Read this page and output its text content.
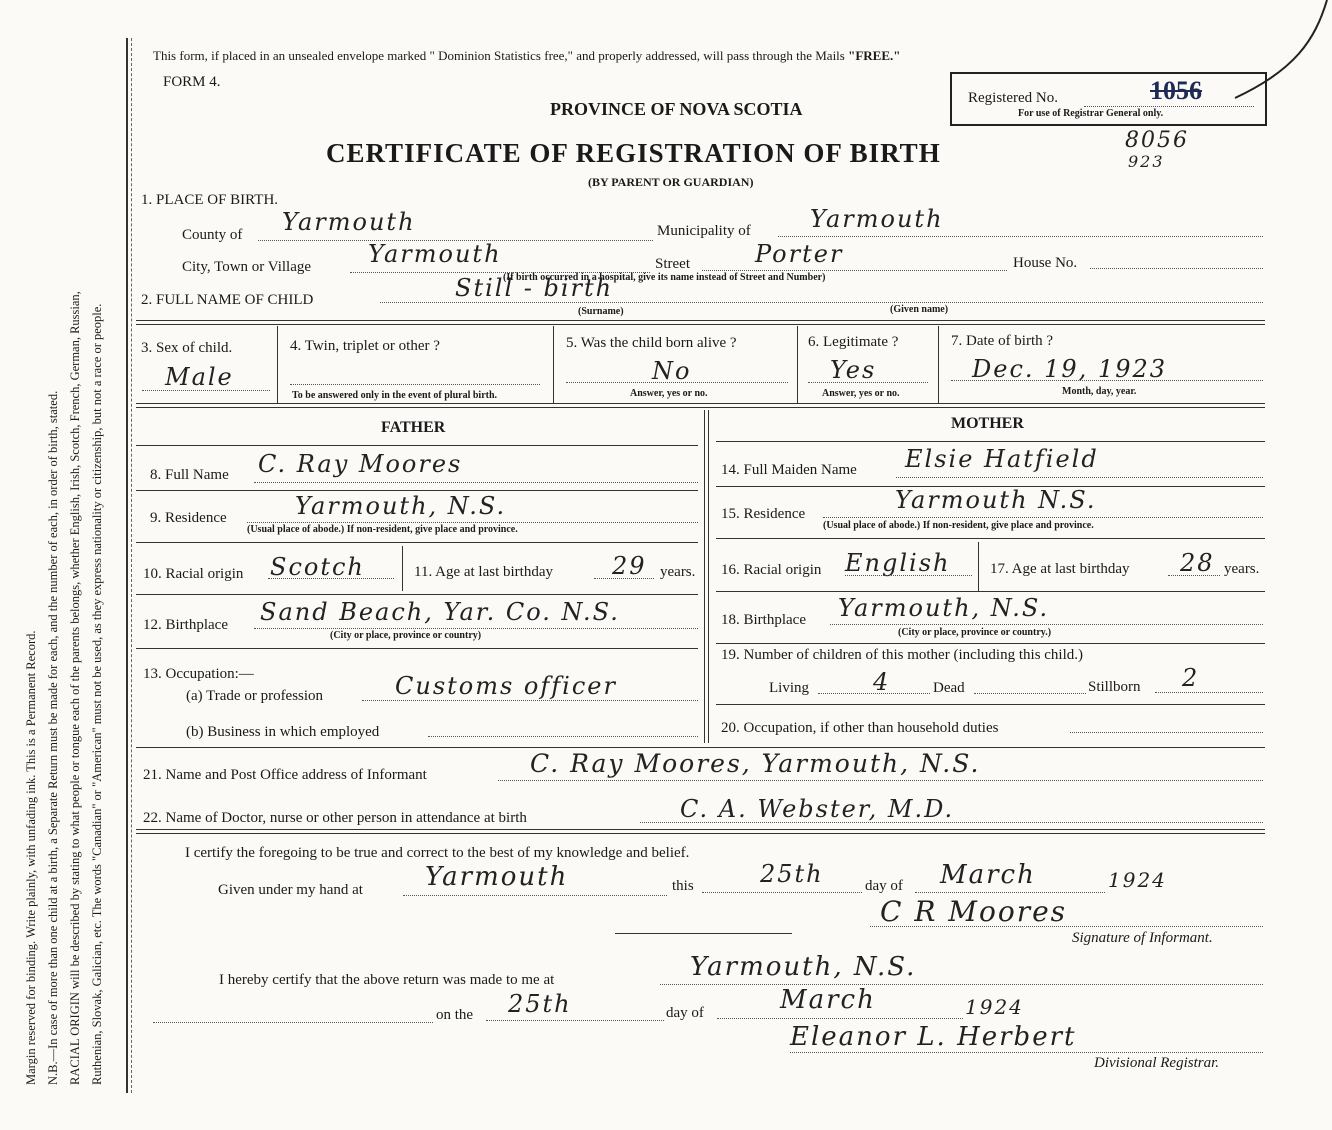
Margin reserved for binding. Write plainly, with unfading ink. This is a Permanent Record. N.B.—In case of more than one child at a birth, a Separate Return must be made for each, and the number of each, in order of birth, stated. RACIAL ORIGIN will be described by stating to what people or tongue each of the parents belongs, whether English, Irish, Scotch, French, German, Russian, Ruthenian, Slovak, Galician, etc. The words "Canadian" or "American" must not be used, as they express nationality or citizenship, but not a race or people.
This form, if placed in an unsealed envelope marked " Dominion Statistics free," and properly addressed, will pass through the Mails "FREE."
FORM 4.
PROVINCE OF NOVA SCOTIA
CERTIFICATE OF REGISTRATION OF BIRTH
(BY PARENT OR GUARDIAN)
Registered No.	1056
For use of Registrar General only.
8056
923
1. PLACE OF BIRTH.
County of Yarmouth	Municipality of Yarmouth
City, Town or Village Yarmouth	Street	Porter	House No.
(If birth occurred in a hospital, give its name instead of Street and Number)
2. FULL NAME OF CHILD	Still - birth
(Surname)	(Given name)
3. Sex of child.
Male
4. Twin, triplet or other ?
To be answered only in the event of plural birth.
5. Was the child born alive ?
No
Answer, yes or no.
6. Legitimate ?
Yes
Answer, yes or no.
7. Date of birth ?
Dec. 19, 1923
Month, day, year.
FATHER	MOTHER
8. Full Name C. Ray Moores
9. Residence	Yarmouth, N.S.
(Usual place of abode.) If non-resident, give place and province.
10. Racial origin Scotch	11. Age at last birthday 29 years.
12. Birthplace Sand Beach, Yar. Co. N.S.
(City or place, province or country)
13. Occupation:—
(a) Trade or profession	Customs officer
(b) Business in which employed
14. Full Maiden Name Elsie Hatfield
15. Residence	Yarmouth N.S.
(Usual place of abode.) If non-resident, give place and province.
16. Racial origin English	17. Age at last birthday 28 years.
18. Birthplace Yarmouth, N.S.
(City or place, province or country.)
19. Number of children of this mother (including this child.)
Living	4	Dead	Stillborn 2
20. Occupation, if other than household duties
21. Name and Post Office address of Informant	C. Ray Moores, Yarmouth, N.S.
22. Name of Doctor, nurse or other person in attendance at birth	C. A. Webster, M.D.
I certify the foregoing to be true and correct to the best of my knowledge and belief.
Given under my hand at Yarmouth	this	25th	day of March	1924
C R Moores
Signature of Informant.
I hereby certify that the above return was made to me at	Yarmouth, N.S.
on the 25th	day of	March	1924
Eleanor L. Herbert
Divisional Registrar.
